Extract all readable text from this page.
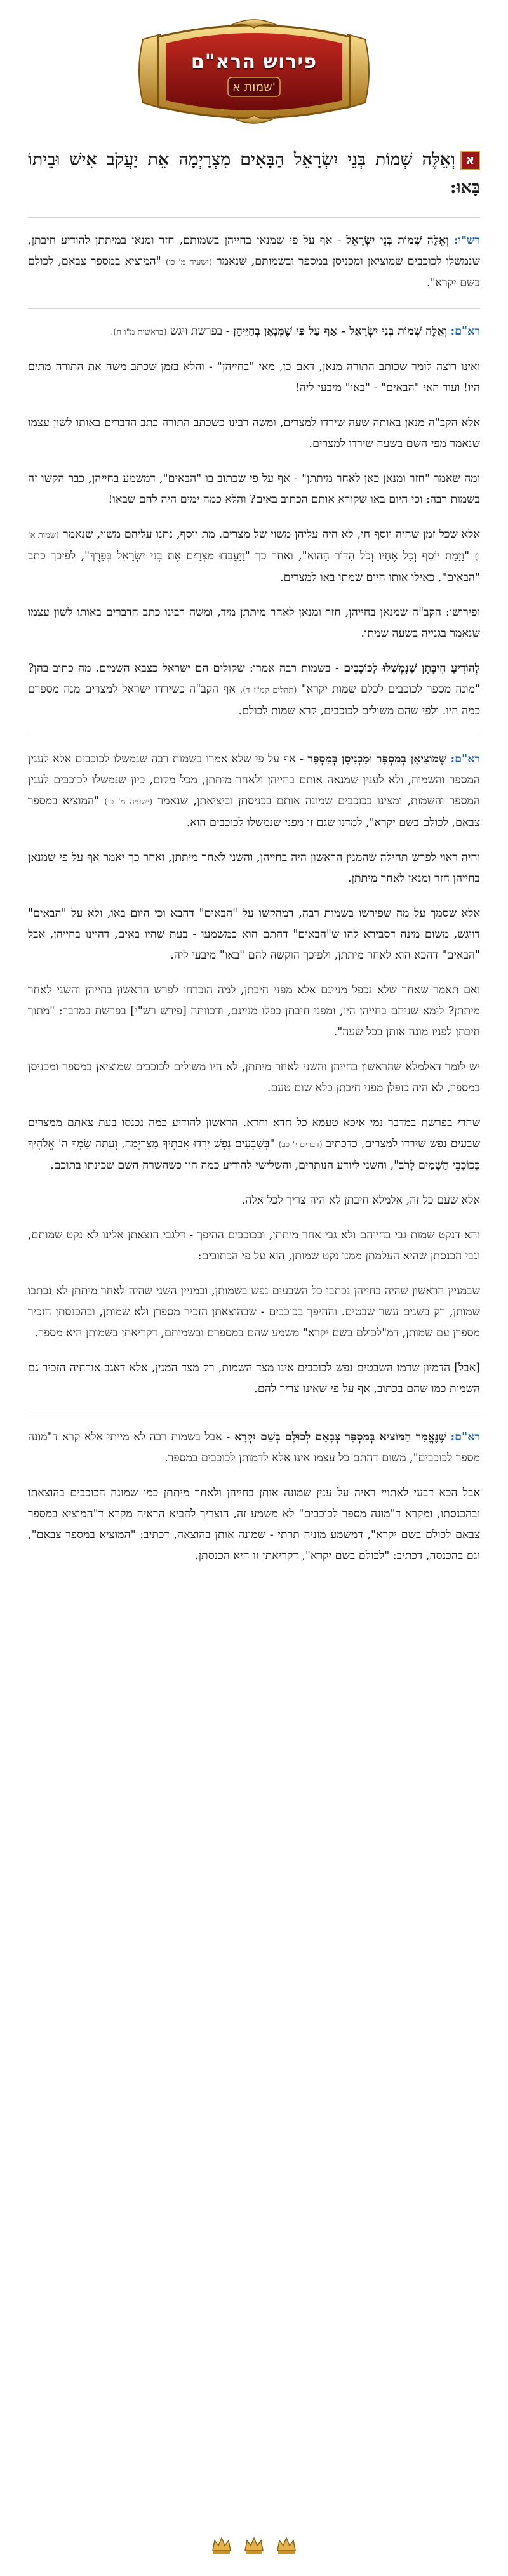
פירוש הרא"ם
שמות א'
אוְאֵלֶּה שְׁמוֹת בְּנֵי יִשְׂרָאֵל הַבָּאִים מִצְרָיְמָה אֵת יַעֲקֹב אִישׁ וּבֵיתוֹ בָּאוּ:
רש"י: וְאֵלֶּה שְׁמוֹת בְּנֵי יִשְׂרָאֵל - אף על פי שמנאן בחייהן בשמותם, חזר ומנאן במיתתן להודיע חיבתן, שנמשלו לכוכבים שמוציאן ומכניסן במספר ובשמותם, שנאמר (ישעיה מ' כו) "המוציא במספר צבאם, לכולם בשם יקרא".
רא"ם: וְאֵלֶּה שְׁמוֹת בְּנֵי יִשְׂרָאֵל - אַף עַל פִּי שֶׁמְּנָאָן בְּחַיֵּיהֶן - בפרשת ויגש (בראשית מ"ו ח).
ואינו רוצה לומר שכותב התורה מנאן, דאם כן, מאי "בחייהן" - והלא בזמן שכתב משה את התורה מתים היו! ועוד האי "הבאים" - "באו" מיבעי ליה!
אלא הקב"ה מנאן באותה שעה שירדו למצרים, ומשה רבינו כשכתב התורה כתב הדברים באותו לשון עצמו שנאמר מפי השם בשעה שירדו למצרים.
ומה שאמר "חזר ומנאן כאן לאחר מיתתן" - אף על פי שכתוב בו "הבאים", דמשמע בחייהן, כבר הקשו זה בשמות רבה: וכי היום באו שקורא אותם הכתוב באים? והלא כמה ימים היה להם שבאו!
אלא שכל זמן שהיה יוסף חי, לא היה עליהן משוי של מצרים. מת יוסף, נתנו עליהם משוי, שנאמר (שמות א' ו) "וַיָּמָת יוֹסֵף וְכָל אֶחָיו וְכֹל הַדּוֹר הַהוּא", ואחר כך "וַיַּעֲבִדוּ מִצְרַיִם אֶת בְּנֵי יִשְׂרָאֵל בְּפָרֶךְ", לפיכך כתב "הבאים", כאילו אותו היום שמתו באו למצרים.
ופירושו: הקב"ה שמנאן בחייהן, חזר ומנאן לאחר מיתתן מיד, ומשה רבינו כתב הדברים באותו לשון עצמו שנאמר בגנייה בשעה שמתו.
לְהוֹדִיעַ חִיבָּתָן שֶׁנִּמְשְׁלוּ לַכּוֹכָבִים - בשמות רבה אמרו: שקולים הם ישראל כצבא השמים. מה כתוב בהן? "מונה מספר לכוכבים לכלם שמות יקרא" (תהלים קמ"ז ד). אף הקב"ה כשירדו ישראל למצרים מנה מספרם כמה היו. ולפי שהם משולים לכוכבים, קרא שמות לכולם.
רא"ם: שֶׁמּוֹצִיאָן בְּמִסְפָּר וּמַכְנִיסָן בְּמִסְפָּר - אף על פי שלא אמרו בשמות רבה שנמשלו לכוכבים אלא לענין המספר והשמות, ולא לענין שמנאה אותם בחייהן ולאחר מיתתן, מכל מקום, כיון שנמשלו לכוכבים לענין המספר והשמות, ומצינו בכוכבים שמונה אותם בכניסתן וביציאתן, שנאמר (ישעיה מ' כו) "המוציא במספר צבאם, לכולם בשם יקרא", למדנו שגם זו מפני שנמשלו לכוכבים הוא.
והיה ראוי לפרש תחילה שהמנין הראשון היה בחייהן, והשני לאחר מיתתן, ואחר כך יאמר אף על פי שמנאן בחייהן חזר ומנאן לאחר מיתתן.
אלא שסמך על מה שפירשו בשמות רבה, דמהקשו על "הבאים" דהבא וכי היום באו, ולא על "הבאים" דויגש, משום מינה דסבירא להו ש"הבאים" דהתם הוא כמשמעו - בעת שהיו באים, דהיינו בחייהן, אבל "הבאים" דהכא הוא לאחר מיתתן, ולפיכך הוקשה להם "באו" מיבעי ליה.
ואם תאמר שאחר שלא נכפל מניינם אלא מפני חיבתן, למה הוכרחו לפרש הראשון בחייהן והשני לאחר מיתתן? לימא שניהם בחייהן היו, ומפני חיבתן כפלו מניינם, ודכוותה [פירש רש"י] בפרשת במדבר: "מתוך חיבתן לפניו מונה אותן בכל שעה".
יש לומר דאלמלא שהראשון בחייהן והשני לאחר מיתתן, לא היו משולים לכוכבים שמוציאן במספר ומכניסן במספר, לא היה כופלן מפני חיבתן כלא שום טעם.
שהרי בפרשת במדבר נמי איכא טעמא כל חדא וחדא. הראשון להודיע כמה נכנסו בעת צאתם ממצרים שבעים נפש שירדו למצרים, כדכתיב (דברים י' כב) "בְּשִׁבְעִים נֶפֶשׁ יָרְדוּ אֲבֹתֶיךָ מִצְרָיְמָה, וְעַתָּה שָׂמְךָ ה' אֱלֹהֶיךָ כְּכוֹכְבֵי הַשָּׁמַיִם לָרֹב", והשני ליודע הנותרים, והשלישי להודיע כמה היו כשהשרה השם שכינתו בתוכם.
אלא שעם כל זה, אלמלא חיבתן לא היה צריך לכל אלה.
והא דנקט שמות גבי בחייהם ולא גבי אחר מיתתן, ובכוכבים ההיפך - דלגבי הוצאתן אלינו לא נקט שמותם, וגבי הכנסתן שהיא העלמתן ממנו נקט שמותן, הוא על פי הכתובים:
שבמניין הראשון שהיה בחייהן נכתבו כל השבעים נפש בשמותן, ובמניין השני שהיה לאחר מיתתן לא נכתבו שמותן, רק בשנים עשר שבטים. וההיפך בכוכבים - שבהוצאתן הזכיר מספרן ולא שמותן, ובהכנסתן הזכיר מספרן עם שמותן, דמ"לכולם בשם יקרא" משמע שהם במספרם ובשמותם, דקריאתן בשמותן היא מספר.
[אבל] הדמיון שדמו השבטים נפש לכוכבים אינו מצד השמות, רק מצד המנין, אלא דאגב אורחיה הזכיר גם השמות כמו שהם בכתוב, אף על פי שאינו צריך להם.
רא"ם: שֶׁנֶּאֱמַר הַמּוֹצִיא בְּמִסְפָּר צְבָאָם לְכוּלָּם בְּשֵׁם יִקְרָא - אבל בשמות רבה לא מייתי אלא קרא ד"מונה מספר לכוכבים", משום דהתם כל עצמו אינו אלא לדמותן לכוכבים במספר.
אבל הכא דבעי לאתויי ראיה על ענין שמונה אותן בחייהן ולאחר מיתתן כמו שמונה הכוכבים בהוצאתו ובהכנסתו, ומקרא ד"מונה מספר לכוכבים" לא משמע זה, הוצריך להביא הראיה מקרא ד"המוציא במספר צבאם לכולם בשם יקרא", דמשמע מוניה תרתי - שמונה אותן בהוצאה, דכתיב: "המוציא במספר צבאם", וגם בהכנסה, דכתיב: "לכולם בשם יקרא", דקריאתן זו היא הכנסתן.
